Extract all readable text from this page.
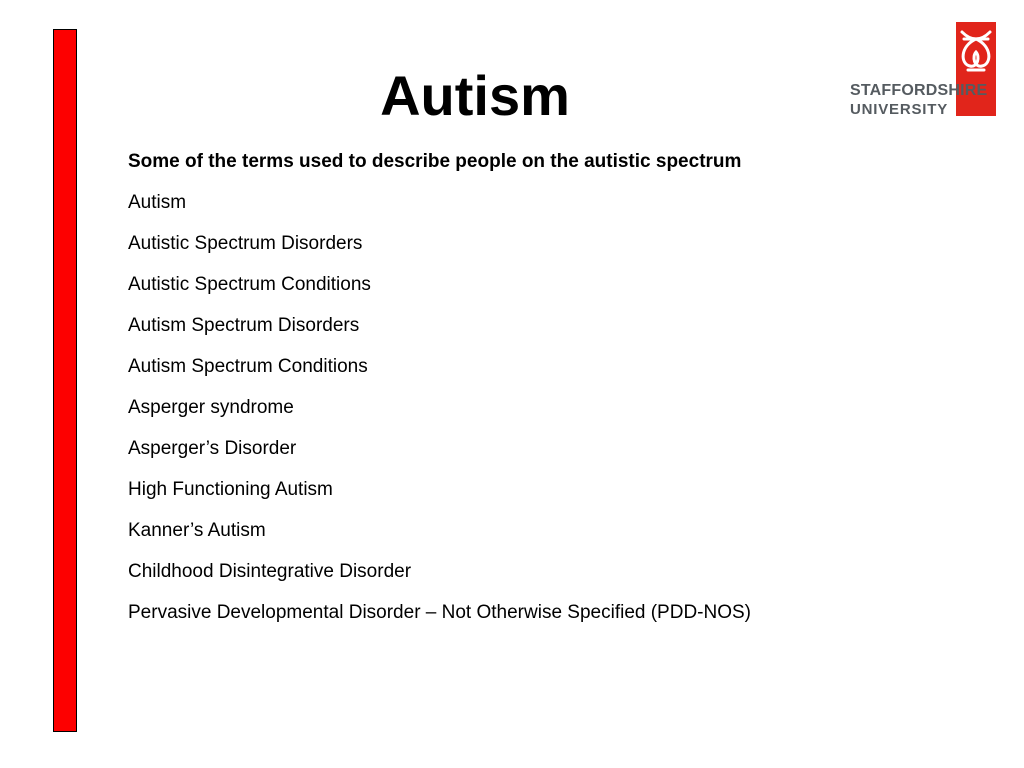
Autism	STAFFORDSHIRE
UNIVERSITY
Some of the terms used to describe people on the autistic spectrum
Autism
Autistic Spectrum Disorders
Autistic Spectrum Conditions
Autism Spectrum Disorders
Autism Spectrum Conditions
Asperger syndrome
Asperger’s Disorder
High Functioning Autism
Kanner’s Autism
Childhood Disintegrative Disorder
Pervasive Developmental Disorder – Not Otherwise Specified (PDD-NOS)
